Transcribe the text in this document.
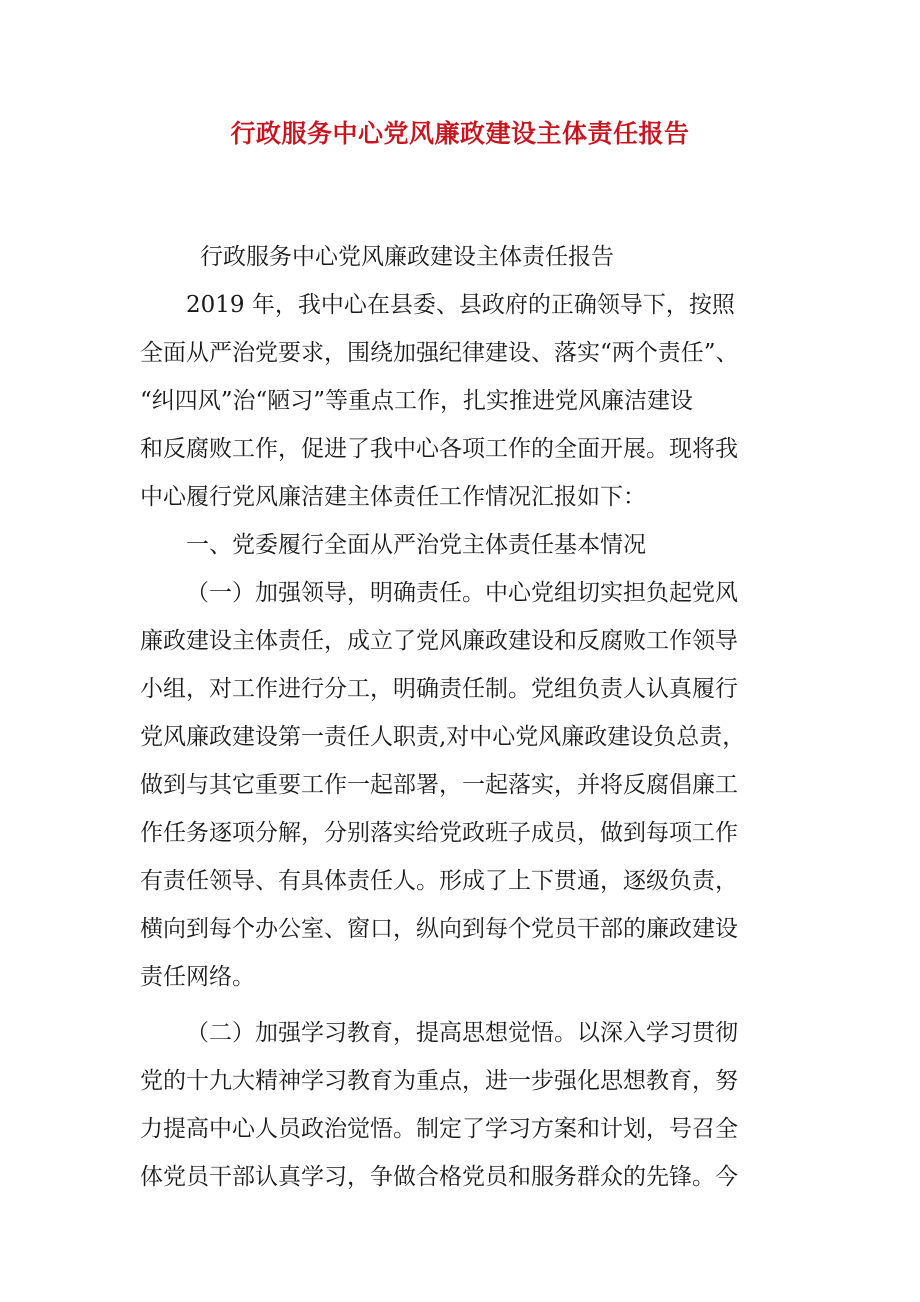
行政服务中心党风廉政建设主体责任报告
行政服务中心党风廉政建设主体责任报告
2019 年，我中心在县委、县政府的正确领导下，按照
全面从严治党要求，围绕加强纪律建设、落实“两个责任”、
“纠四风”治“陋习”等重点工作，扎实推进党风廉洁建设
和反腐败工作，促进了我中心各项工作的全面开展。现将我
中心履行党风廉洁建主体责任工作情况汇报如下：
一、党委履行全面从严治党主体责任基本情况
（一）加强领导，明确责任。中心党组切实担负起党风
廉政建设主体责任，成立了党风廉政建设和反腐败工作领导
小组，对工作进行分工，明确责任制。党组负责人认真履行
党风廉政建设第一责任人职责,对中心党风廉政建设负总责，
做到与其它重要工作一起部署，一起落实，并将反腐倡廉工
作任务逐项分解，分别落实给党政班子成员，做到每项工作
有责任领导、有具体责任人。形成了上下贯通，逐级负责，
横向到每个办公室、窗口，纵向到每个党员干部的廉政建设
责任网络。
（二）加强学习教育，提高思想觉悟。以深入学习贯彻
党的十九大精神学习教育为重点，进一步强化思想教育，努
力提高中心人员政治觉悟。制定了学习方案和计划，号召全
体党员干部认真学习，争做合格党员和服务群众的先锋。今
